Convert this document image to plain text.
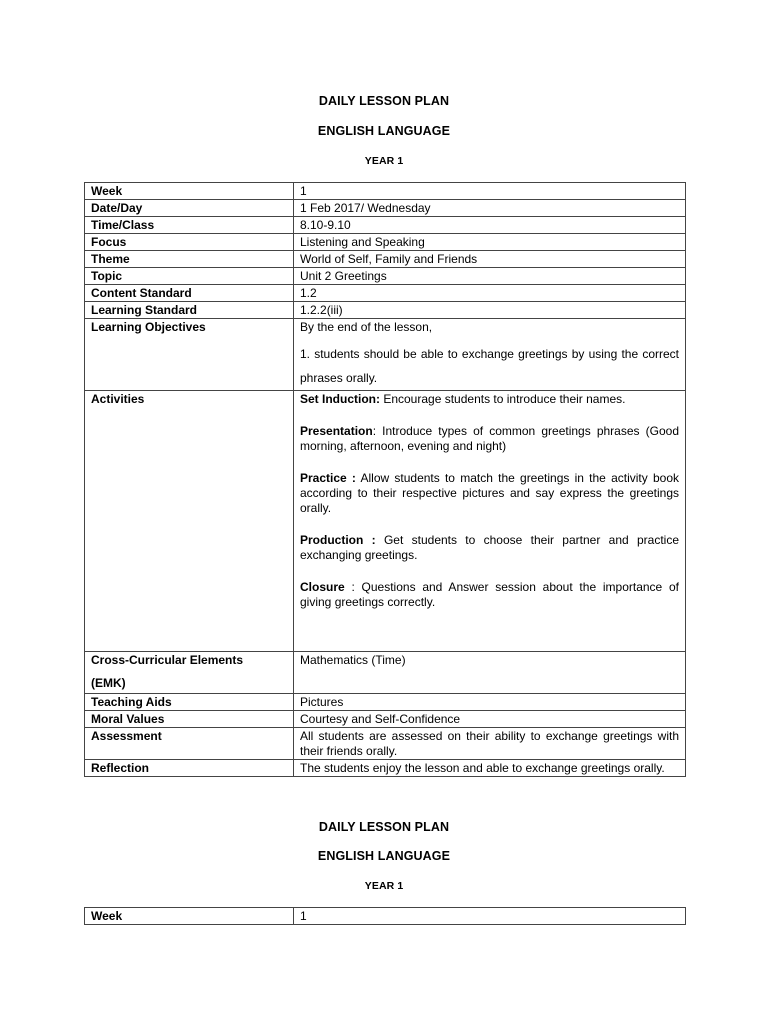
DAILY LESSON PLAN
ENGLISH LANGUAGE
YEAR 1
Week	1
Date/Day	1 Feb 2017/ Wednesday
Time/Class	8.10-9.10
Focus	Listening and Speaking
Theme	World of Self, Family and Friends
Topic	Unit 2 Greetings
Content Standard	1.2
Learning Standard	1.2.2(iii)
Learning Objectives	By the end of the lesson,

1. students should be able to exchange greetings by using the correct phrases orally.

Activities	Set Induction: Encourage students to introduce their names.

Presentation: Introduce types of common greetings phrases (Good morning, afternoon, evening and night)

Practice : Allow students to match the greetings in the activity book according to their respective pictures and say express the greetings orally.

Production : Get students to choose their partner and practice exchanging greetings.

Closure : Questions and Answer session about the importance of giving greetings correctly.

Cross-Curricular Elements
(EMK)	Mathematics (Time)
Teaching Aids	Pictures
Moral Values	Courtesy and Self-Confidence
Assessment	All students are assessed on their ability to exchange greetings with their friends orally.
Reflection	The students enjoy the lesson and able to exchange greetings orally.
DAILY LESSON PLAN
ENGLISH LANGUAGE
YEAR 1
Week	1
